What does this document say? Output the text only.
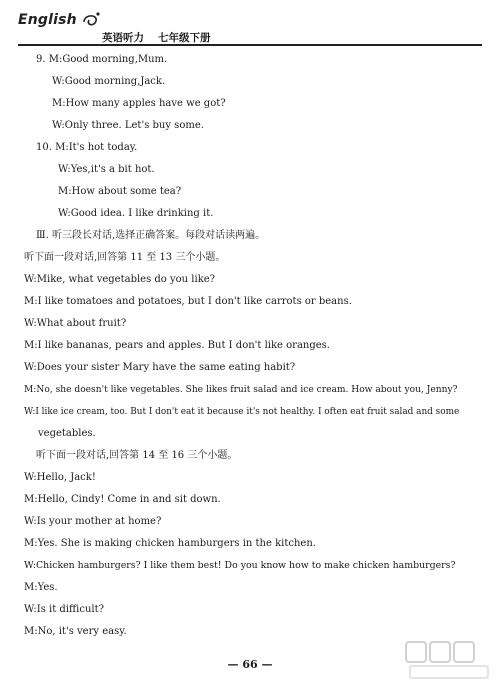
English
英语听力 七年级下册
9. M:Good morning,Mum.
W:Good morning,Jack.
M:How many apples have we got?
W:Only three. Let's buy some.
10. M:It's hot today.
W:Yes,it's a bit hot.
M:How about some tea?
W:Good idea. I like drinking it.
Ⅲ. 听三段长对话,选择正确答案。每段对话读两遍。
听下面一段对话,回答第 11 至 13 三个小题。
W:Mike, what vegetables do you like?
M:I like tomatoes and potatoes, but I don't like carrots or beans.
W:What about fruit?
M:I like bananas, pears and apples. But I don't like oranges.
W:Does your sister Mary have the same eating habit?
M:No, she doesn't like vegetables. She likes fruit salad and ice cream. How about you, Jenny?
W:I like ice cream, too. But I don't eat it because it's not healthy. I often eat fruit salad and some
vegetables.
听下面一段对话,回答第 14 至 16 三个小题。
W:Hello, Jack!
M:Hello, Cindy! Come in and sit down.
W:Is your mother at home?
M:Yes. She is making chicken hamburgers in the kitchen.
W:Chicken hamburgers? I like them best! Do you know how to make chicken hamburgers?
M:Yes.
W:Is it difficult?
M:No, it's very easy.
— 66 —
